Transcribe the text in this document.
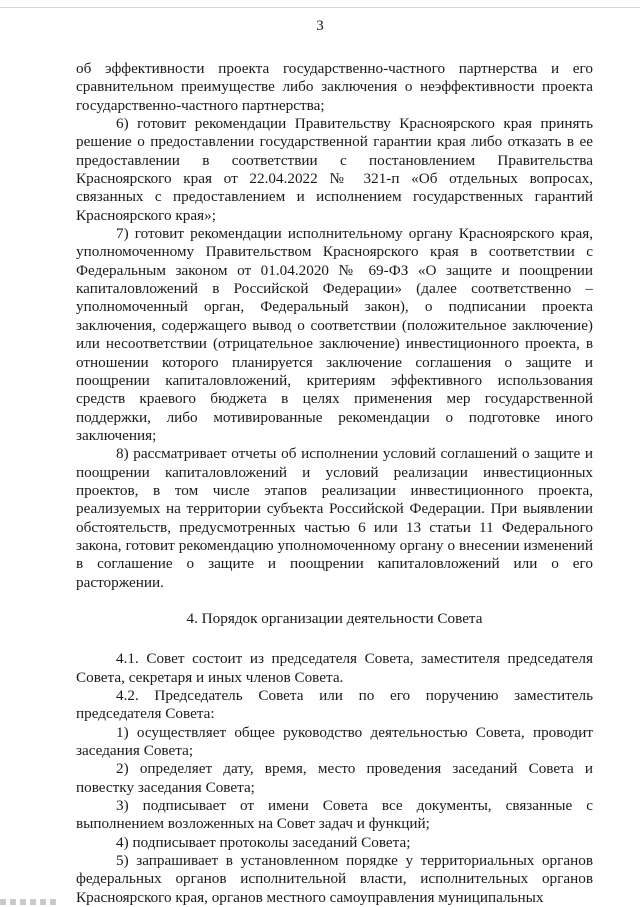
3

об эффективности проекта государственно-частного партнерства и его сравнительном преимуществе либо заключения о неэффективности проекта государственно-частного партнерства;

6) готовит рекомендации Правительству Красноярского края принять решение о предоставлении государственной гарантии края либо отказать в ее предоставлении в соответствии с постановлением Правительства Красноярского края от 22.04.2022 № 321-п «Об отдельных вопросах, связанных с предоставлением и исполнением государственных гарантий Красноярского края»;

7) готовит рекомендации исполнительному органу Красноярского края, уполномоченному Правительством Красноярского края в соответствии с Федеральным законом от 01.04.2020 № 69-ФЗ «О защите и поощрении капиталовложений в Российской Федерации» (далее соответственно – уполномоченный орган, Федеральный закон), о подписании проекта заключения, содержащего вывод о соответствии (положительное заключение) или несоответствии (отрицательное заключение) инвестиционного проекта, в отношении которого планируется заключение соглашения о защите и поощрении капиталовложений, критериям эффективного использования средств краевого бюджета в целях применения мер государственной поддержки, либо мотивированные рекомендации о подготовке иного заключения;

8) рассматривает отчеты об исполнении условий соглашений о защите и поощрении капиталовложений и условий реализации инвестиционных проектов, в том числе этапов реализации инвестиционного проекта, реализуемых на территории субъекта Российской Федерации. При выявлении обстоятельств, предусмотренных частью 6 или 13 статьи 11 Федерального закона, готовит рекомендацию уполномоченному органу о внесении изменений в соглашение о защите и поощрении капиталовложений или о его расторжении.

4. Порядок организации деятельности Совета

4.1. Совет состоит из председателя Совета, заместителя председателя Совета, секретаря и иных членов Совета.

4.2. Председатель Совета или по его поручению заместитель председателя Совета:

1) осуществляет общее руководство деятельностью Совета, проводит заседания Совета;

2) определяет дату, время, место проведения заседаний Совета и повестку заседания Совета;

3) подписывает от имени Совета все документы, связанные с выполнением возложенных на Совет задач и функций;

4) подписывает протоколы заседаний Совета;

5) запрашивает в установленном порядке у территориальных органов федеральных органов исполнительной власти, исполнительных органов Красноярского края, органов местного самоуправления муниципальных
